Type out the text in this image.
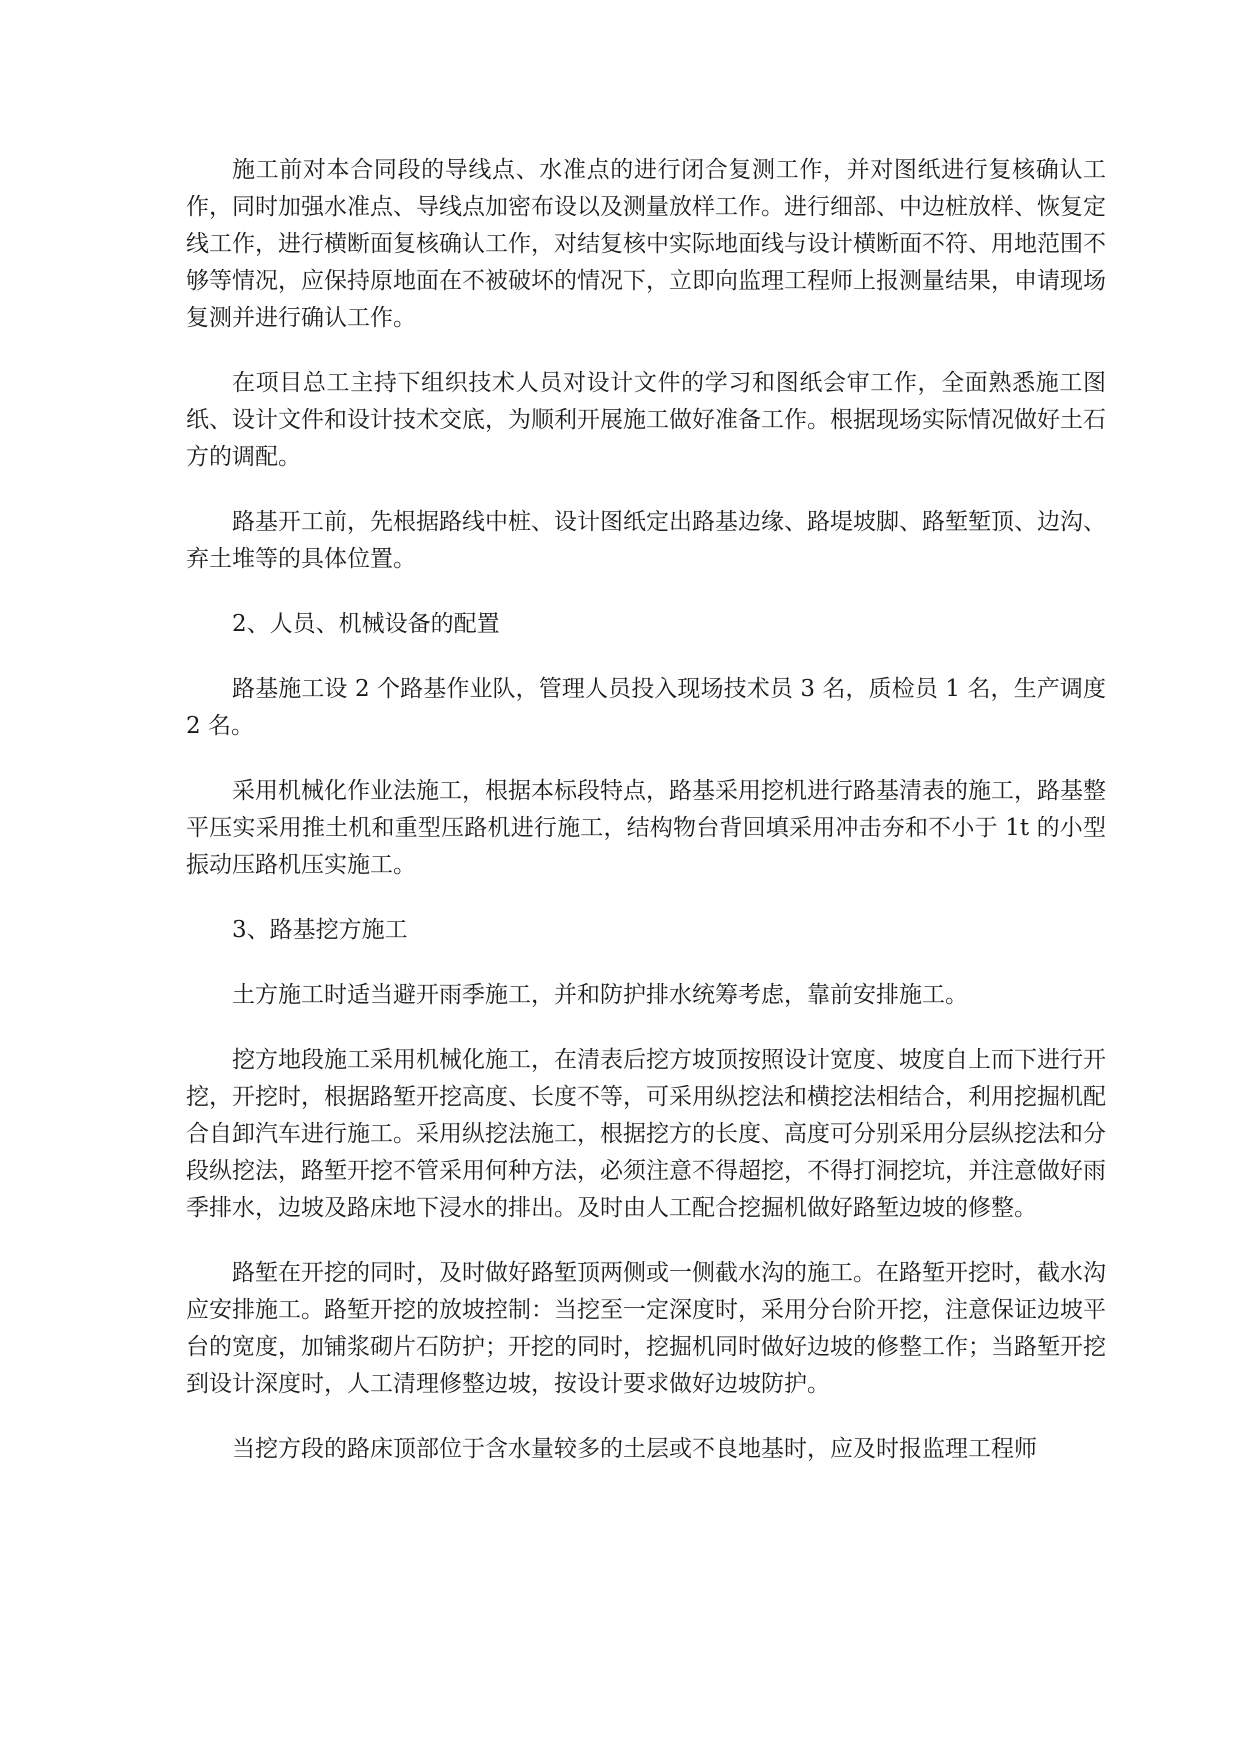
施工前对本合同段的导线点、水准点的进行闭合复测工作，并对图纸进行复核确认工作，同时加强水准点、导线点加密布设以及测量放样工作。进行细部、中边桩放样、恢复定线工作，进行横断面复核确认工作，对结复核中实际地面线与设计横断面不符、用地范围不够等情况，应保持原地面在不被破坏的情况下，立即向监理工程师上报测量结果，申请现场复测并进行确认工作。

在项目总工主持下组织技术人员对设计文件的学习和图纸会审工作，全面熟悉施工图纸、设计文件和设计技术交底，为顺利开展施工做好准备工作。根据现场实际情况做好土石方的调配。

路基开工前，先根据路线中桩、设计图纸定出路基边缘、路堤坡脚、路堑堑顶、边沟、弃土堆等的具体位置。

2、人员、机械设备的配置

路基施工设 2 个路基作业队，管理人员投入现场技术员 3 名，质检员 1 名，生产调度 2 名。

采用机械化作业法施工，根据本标段特点，路基采用挖机进行路基清表的施工，路基整平压实采用推土机和重型压路机进行施工，结构物台背回填采用冲击夯和不小于 1t 的小型振动压路机压实施工。

3、路基挖方施工

土方施工时适当避开雨季施工，并和防护排水统筹考虑，靠前安排施工。

挖方地段施工采用机械化施工，在清表后挖方坡顶按照设计宽度、坡度自上而下进行开挖，开挖时，根据路堑开挖高度、长度不等，可采用纵挖法和横挖法相结合，利用挖掘机配合自卸汽车进行施工。采用纵挖法施工，根据挖方的长度、高度可分别采用分层纵挖法和分段纵挖法，路堑开挖不管采用何种方法，必须注意不得超挖，不得打洞挖坑，并注意做好雨季排水，边坡及路床地下浸水的排出。及时由人工配合挖掘机做好路堑边坡的修整。

路堑在开挖的同时，及时做好路堑顶两侧或一侧截水沟的施工。在路堑开挖时，截水沟应安排施工。路堑开挖的放坡控制：当挖至一定深度时，采用分台阶开挖，注意保证边坡平台的宽度，加铺浆砌片石防护；开挖的同时，挖掘机同时做好边坡的修整工作；当路堑开挖到设计深度时，人工清理修整边坡，按设计要求做好边坡防护。

当挖方段的路床顶部位于含水量较多的土层或不良地基时，应及时报监理工程师
